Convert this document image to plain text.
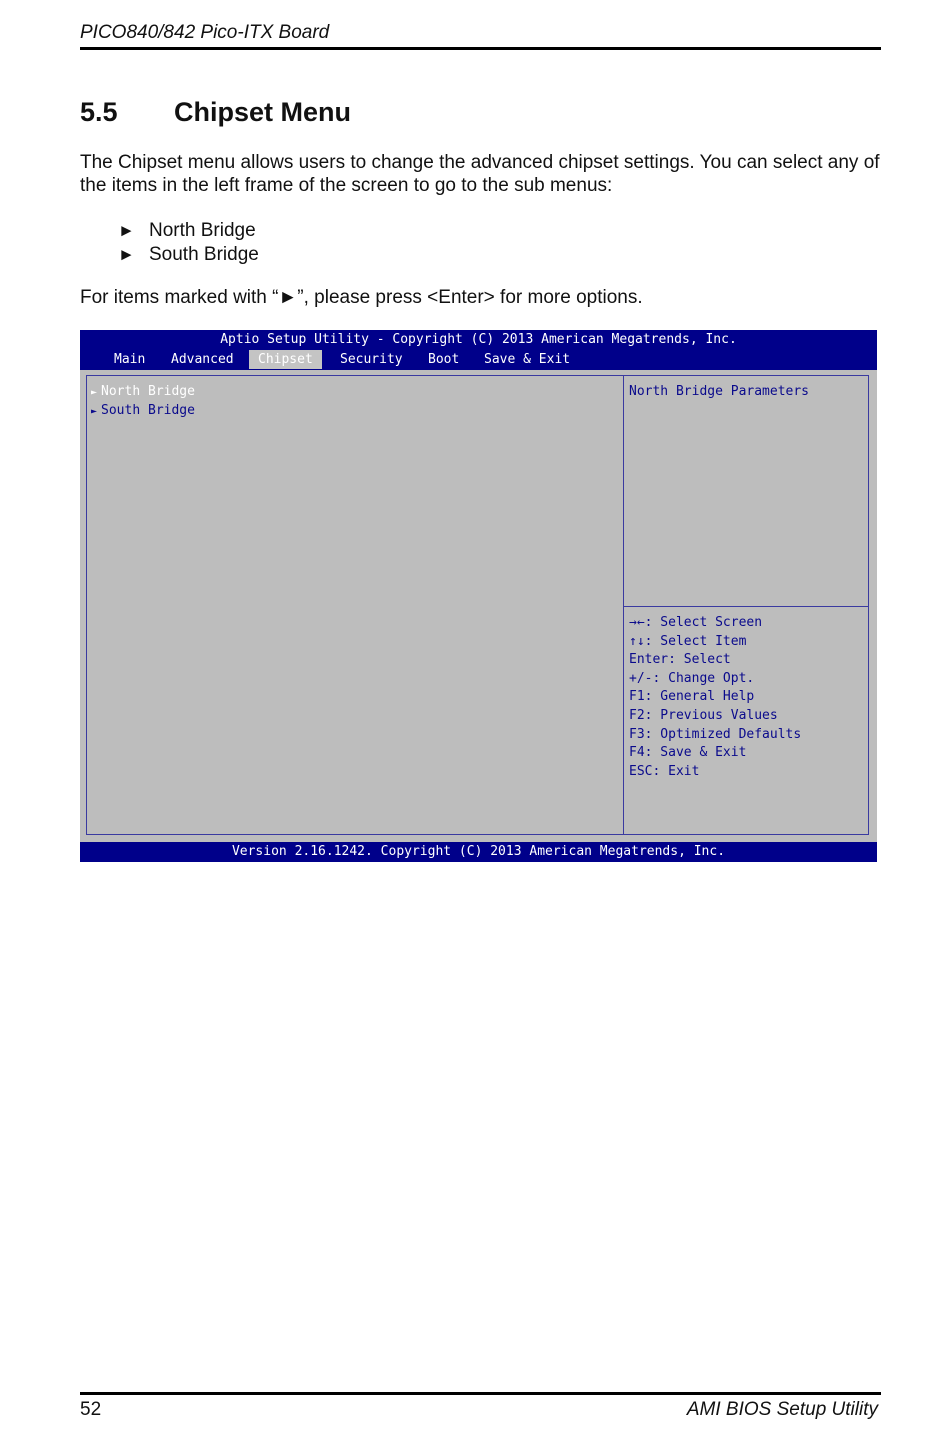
PICO840/842 Pico-ITX Board
5.5 Chipset Menu

The Chipset menu allows users to change the advanced chipset settings. You can select any of the items in the left frame of the screen to go to the sub menus:

► North Bridge
► South Bridge

For items marked with “►”, please press <Enter> for more options.

Aptio Setup Utility - Copyright (C) 2013 American Megatrends, Inc.
Main Advanced	Chipset	Security Boot Save & Exit
► North Bridge
► South Bridge
North Bridge Parameters
→←: Select Screen
↑↓: Select Item
Enter: Select
+/-: Change Opt.
F1: General Help
F2: Previous Values
F3: Optimized Defaults
F4: Save & Exit
ESC: Exit
Version 2.16.1242. Copyright (C) 2013 American Megatrends, Inc.
52	AMI BIOS Setup Utility
